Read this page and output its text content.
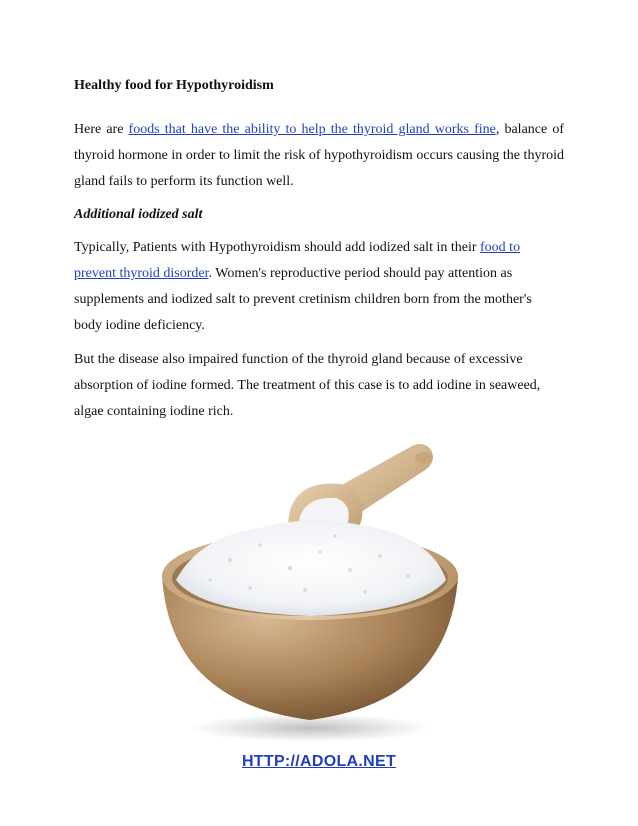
Healthy food for Hypothyroidism

Here are foods that have the ability to help the thyroid gland works fine, balance of thyroid hormone in order to limit the risk of hypothyroidism occurs causing the thyroid gland fails to perform its function well.

Additional iodized salt

Typically, Patients with Hypothyroidism should add iodized salt in their food to prevent thyroid disorder. Women's reproductive period should pay attention as supplements and iodized salt to prevent cretinism children born from the mother's body iodine deficiency.

But the disease also impaired function of the thyroid gland because of excessive absorption of iodine formed. The treatment of this case is to add iodine in seaweed, algae containing iodine rich.

HTTP://ADOLA.NET
